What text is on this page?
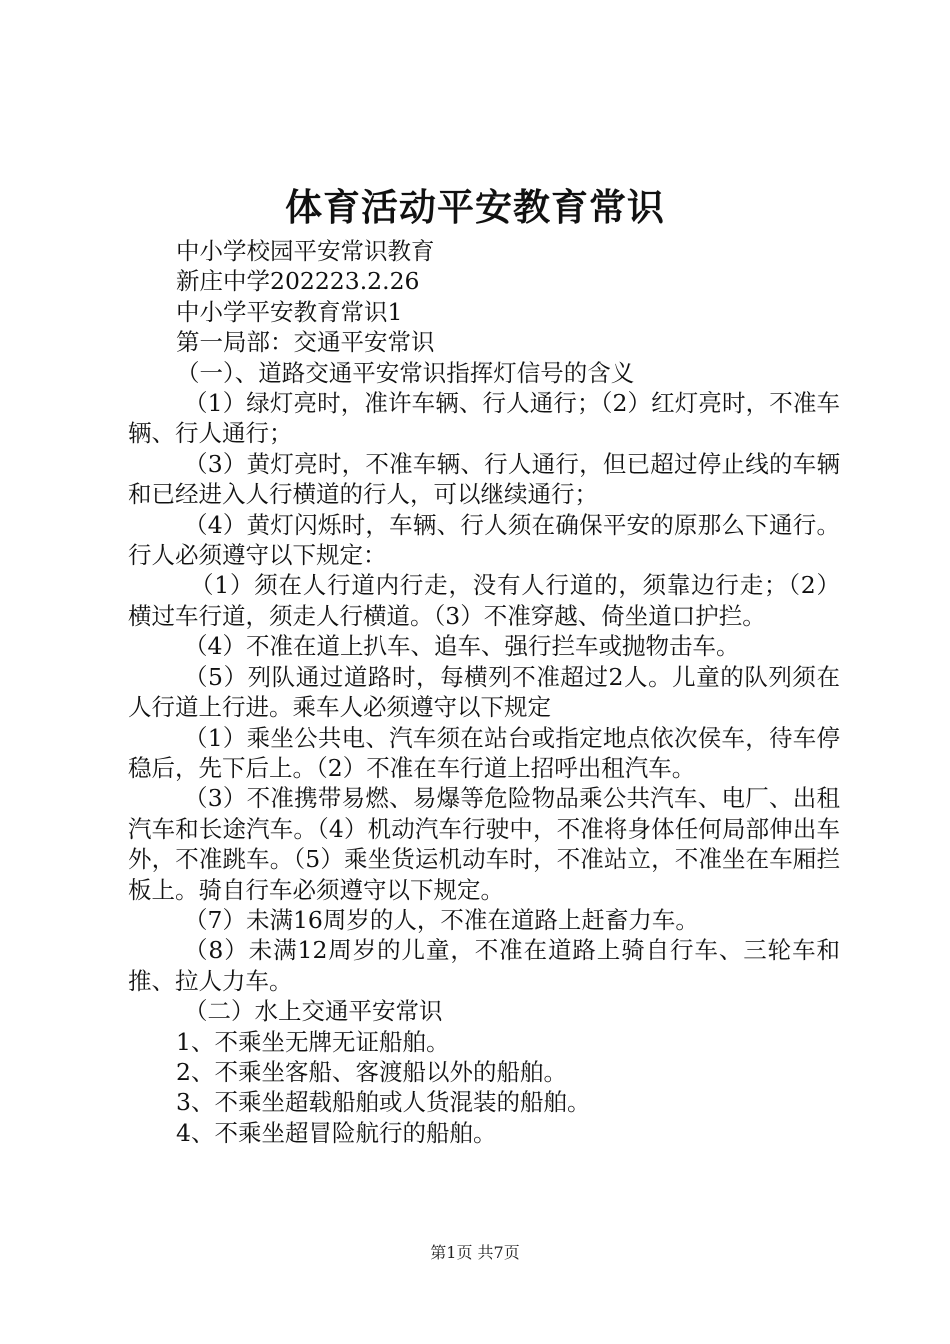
体育活动平安教育常识

中小学校园平安常识教育

新庄中学202223.2.26

中小学平安教育常识1

第一局部：交通平安常识

（一）、道路交通平安常识指挥灯信号的含义

（1）绿灯亮时，准许车辆、行人通行；（2）红灯亮时，不准车辆、行人通行；

（3）黄灯亮时，不准车辆、行人通行，但已超过停止线的车辆和已经进入人行横道的行人，可以继续通行；

（4）黄灯闪烁时，车辆、行人须在确保平安的原那么下通行。行人必须遵守以下规定：

（1）须在人行道内行走，没有人行道的，须靠边行走；（2）横过车行道，须走人行横道。（3）不准穿越、倚坐道口护拦。

（4）不准在道上扒车、追车、强行拦车或抛物击车。

（5）列队通过道路时，每横列不准超过2人。儿童的队列须在人行道上行进。乘车人必须遵守以下规定

（1）乘坐公共电、汽车须在站台或指定地点依次侯车，待车停稳后，先下后上。（2）不准在车行道上招呼出租汽车。

（3）不准携带易燃、易爆等危险物品乘公共汽车、电厂、出租汽车和长途汽车。（4）机动汽车行驶中，不准将身体任何局部伸出车外，不准跳车。（5）乘坐货运机动车时，不准站立，不准坐在车厢拦板上。骑自行车必须遵守以下规定。

（7）未满16周岁的人，不准在道路上赶畜力车。

（8）未满12周岁的儿童，不准在道路上骑自行车、三轮车和推、拉人力车。

（二）水上交通平安常识

1、不乘坐无牌无证船舶。

2、不乘坐客船、客渡船以外的船舶。

3、不乘坐超载船舶或人货混装的船舶。

4、不乘坐超冒险航行的船舶。

第1页 共7页
